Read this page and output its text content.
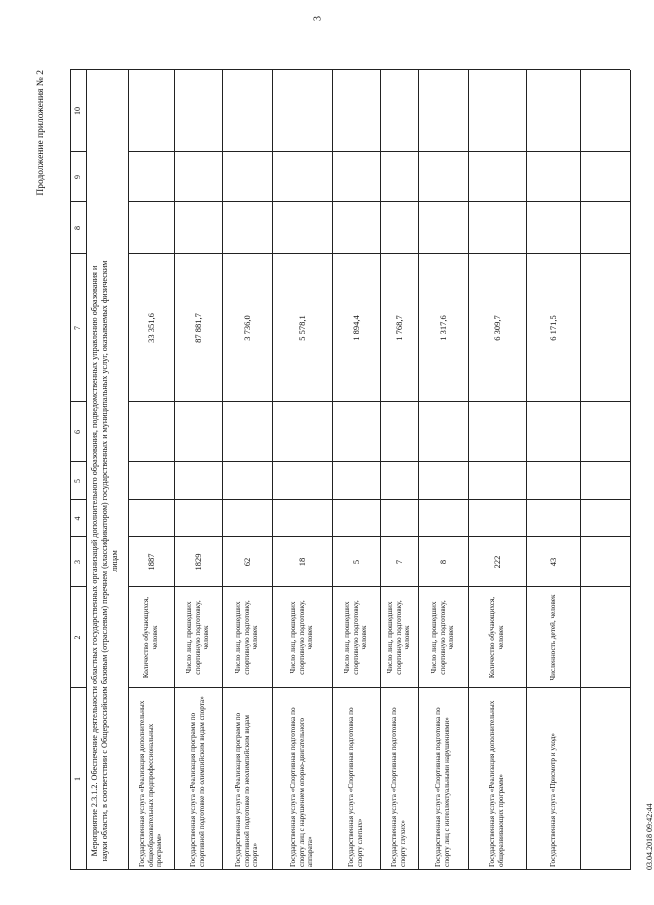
3
Продолжение приложения № 2
Мероприятие 2.3.1.2. Обеспечение деятельности областных государственных организаций дополнительного образования, подведомственных управлению образования и науки области, в соответствии с Общероссийским базовым (отраслевым) перечнем (классификатором) государственных и муниципальных услуг, оказываемых физическим лицам
03.04.2018 09:42:44
1
2
3
4
5
6
7
8
9
10
Государственная услуга «Реализация дополнительных общеобразовательных предпрофессиональных программ»
Количество обучающихся, человек
1887
33 351,6
Государственная услуга «Реализация программ по спортивной подготовке по олимпийским видам спорта»
Число лиц, прошедших спортивную подготовку, человек
1829
87 881,7
Государственная услуга «Реализация программ по спортивной подготовке по неолимпийским видам спорта»
Число лиц, прошедших спортивную подготовку, человек
62
3 736,0
Государственная услуга «Спортивная подготовка по спорту лиц с нарушением опорно-двигательного аппарата»
Число лиц, прошедших спортивную подготовку, человек
18
5 578,1
Государственная услуга «Спортивная подготовка по спорту слепых»
Число лиц, прошедших спортивную подготовку, человек
5
1 894,4
Государственная услуга «Спортивная подготовка по спорту глухих»
Число лиц, прошедших спортивную подготовку, человек
7
1 768,7
Государственная услуга «Спортивная подготовка по спорту лиц с интеллектуальными нарушениями»
Число лиц, прошедших спортивную подготовку, человек
8
1 317,6
Государственная услуга «Реализация дополнительных общеразвивающих программ»
Количество обучающихся, человек
222
6 309,7
Государственная услуга «Присмотр и уход»
Численность детей, человек
43
6 171,5
